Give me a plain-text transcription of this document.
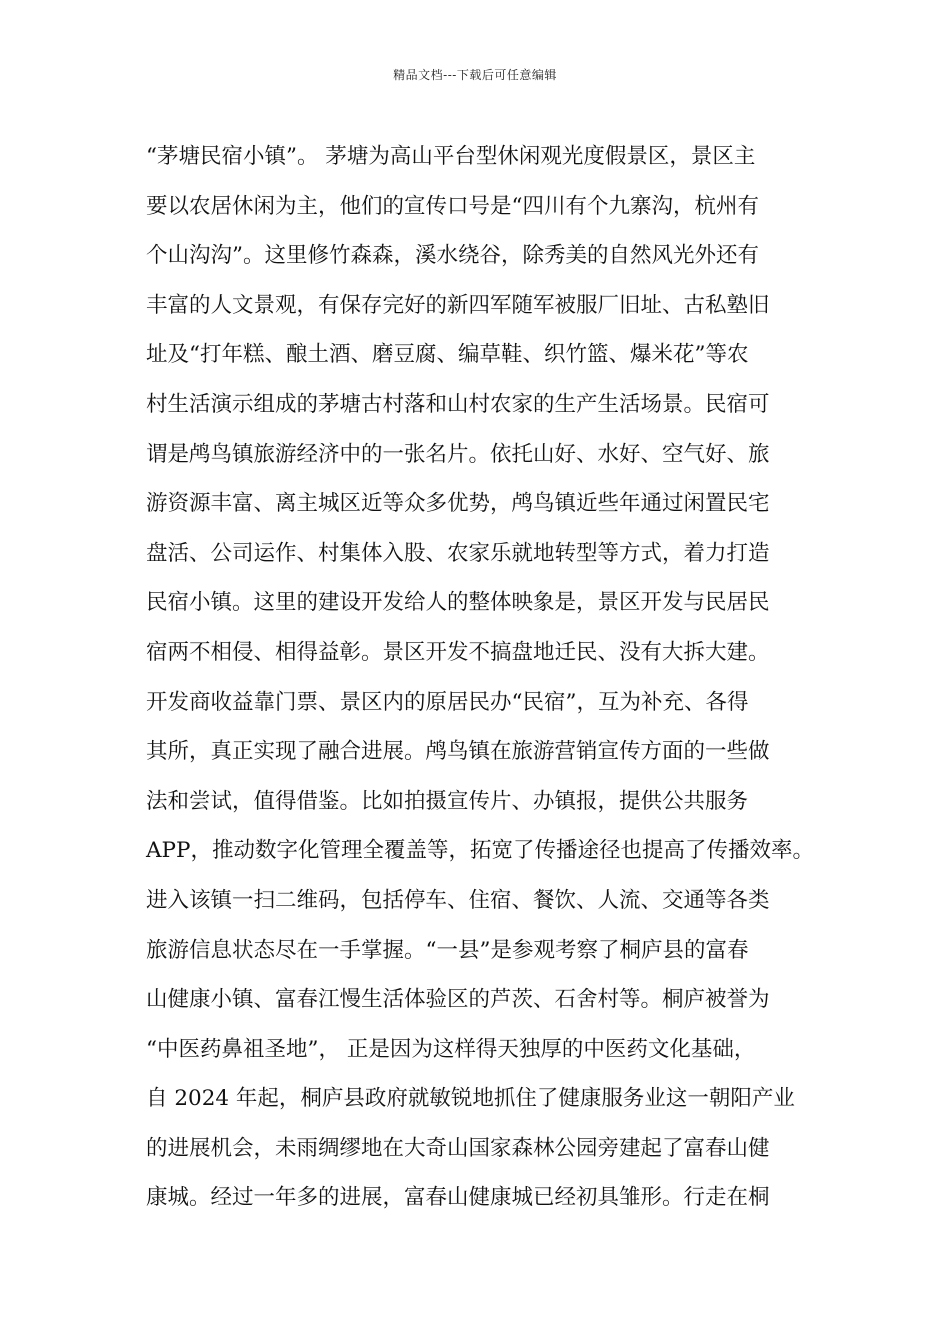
精品文档---下载后可任意编辑
“茅塘民宿小镇”。 茅塘为高山平台型休闲观光度假景区，景区主
要以农居休闲为主，他们的宣传口号是“四川有个九寨沟，杭州有
个山沟沟”。这里修竹森森，溪水绕谷，除秀美的自然风光外还有
丰富的人文景观，有保存完好的新四军随军被服厂旧址、古私塾旧
址及“打年糕、酿土酒、磨豆腐、编草鞋、织竹篮、爆米花”等农
村生活演示组成的茅塘古村落和山村农家的生产生活场景。民宿可
谓是鸬鸟镇旅游经济中的一张名片。依托山好、水好、空气好、旅
游资源丰富、离主城区近等众多优势，鸬鸟镇近些年通过闲置民宅
盘活、公司运作、村集体入股、农家乐就地转型等方式，着力打造
民宿小镇。这里的建设开发给人的整体映象是，景区开发与民居民
宿两不相侵、相得益彰。景区开发不搞盘地迁民、没有大拆大建。
开发商收益靠门票、景区内的原居民办“民宿”，互为补充、各得
其所，真正实现了融合进展。鸬鸟镇在旅游营销宣传方面的一些做
法和尝试，值得借鉴。比如拍摄宣传片、办镇报，提供公共服务
APP，推动数字化管理全覆盖等，拓宽了传播途径也提高了传播效率。
进入该镇一扫二维码，包括停车、住宿、餐饮、人流、交通等各类
旅游信息状态尽在一手掌握。“一县”是参观考察了桐庐县的富春
山健康小镇、富春江慢生活体验区的芦茨、石舍村等。桐庐被誉为
“中医药鼻祖圣地”， 正是因为这样得天独厚的中医药文化基础，
自 2024 年起，桐庐县政府就敏锐地抓住了健康服务业这一朝阳产业
的进展机会，未雨绸缪地在大奇山国家森林公园旁建起了富春山健
康城。经过一年多的进展，富春山健康城已经初具雏形。行走在桐
